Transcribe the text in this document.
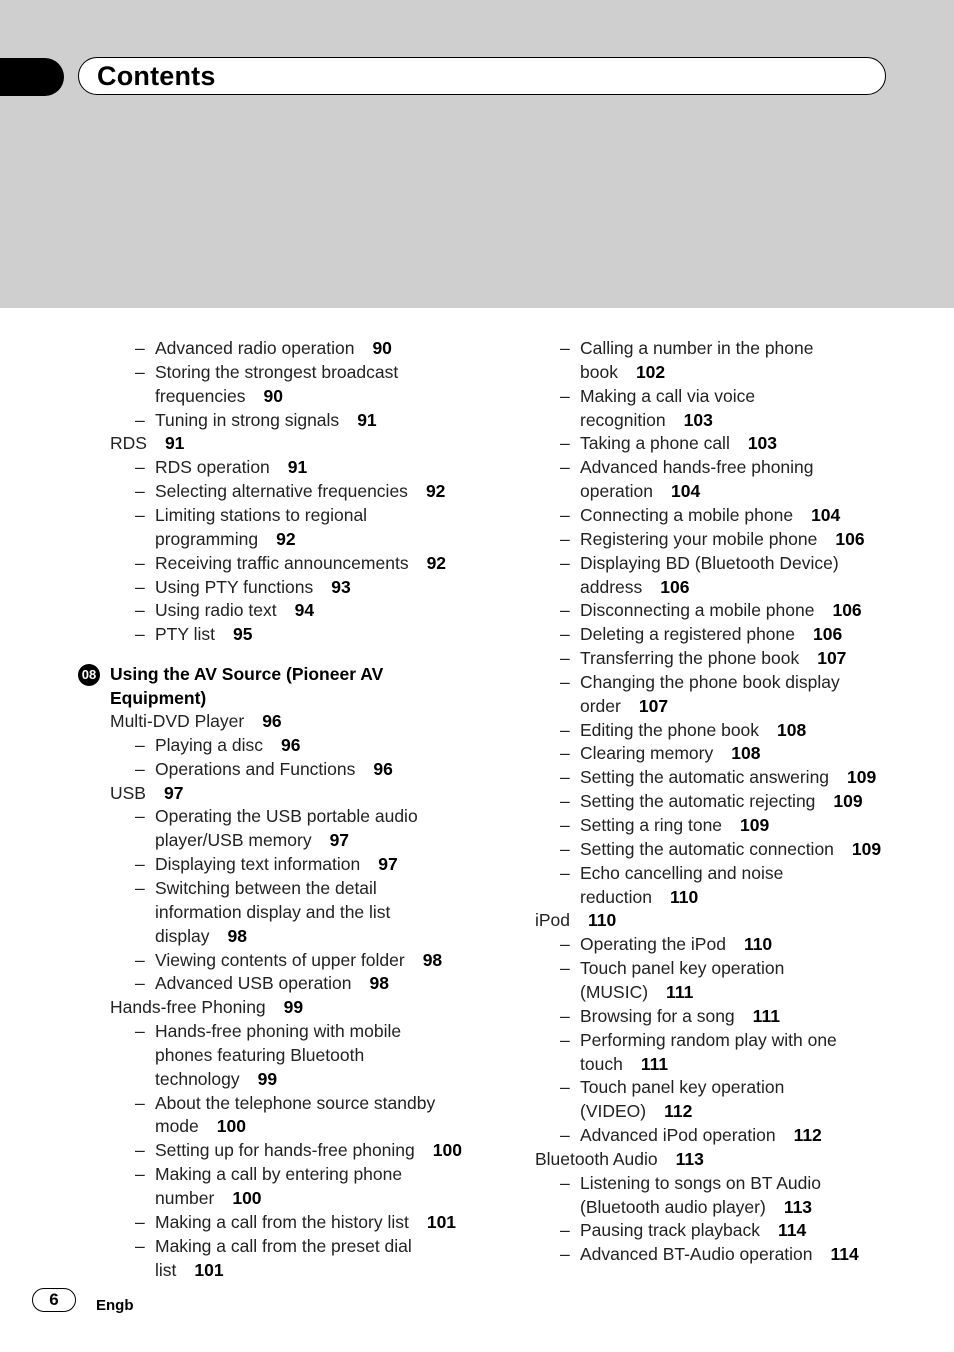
Contents
– Advanced radio operation 90
– Storing the strongest broadcast
frequencies 90
– Tuning in strong signals 91
RDS 91
– RDS operation 91
– Selecting alternative frequencies 92
– Limiting stations to regional
programming 92
– Receiving traffic announcements 92
– Using PTY functions 93
– Using radio text 94
– PTY list 95
08 Using the AV Source (Pioneer AV
Equipment)
Multi-DVD Player 96
– Playing a disc 96
– Operations and Functions 96
USB 97
– Operating the USB portable audio
player/USB memory 97
– Displaying text information 97
– Switching between the detail
information display and the list
display 98
– Viewing contents of upper folder 98
– Advanced USB operation 98
Hands-free Phoning 99
– Hands-free phoning with mobile
phones featuring Bluetooth
technology 99
– About the telephone source standby
mode 100
– Setting up for hands-free phoning 100
– Making a call by entering phone
number 100
– Making a call from the history list 101
– Making a call from the preset dial
list 101
– Calling a number in the phone
book 102
– Making a call via voice
recognition 103
– Taking a phone call 103
– Advanced hands-free phoning
operation 104
– Connecting a mobile phone 104
– Registering your mobile phone 106
– Displaying BD (Bluetooth Device)
address 106
– Disconnecting a mobile phone 106
– Deleting a registered phone 106
– Transferring the phone book 107
– Changing the phone book display
order 107
– Editing the phone book 108
– Clearing memory 108
– Setting the automatic answering 109
– Setting the automatic rejecting 109
– Setting a ring tone 109
– Setting the automatic connection 109
– Echo cancelling and noise
reduction 110
iPod 110
– Operating the iPod 110
– Touch panel key operation
(MUSIC) 111
– Browsing for a song 111
– Performing random play with one
touch 111
– Touch panel key operation
(VIDEO) 112
– Advanced iPod operation 112
Bluetooth Audio 113
– Listening to songs on BT Audio
(Bluetooth audio player) 113
– Pausing track playback 114
– Advanced BT-Audio operation 114
6	Engb
